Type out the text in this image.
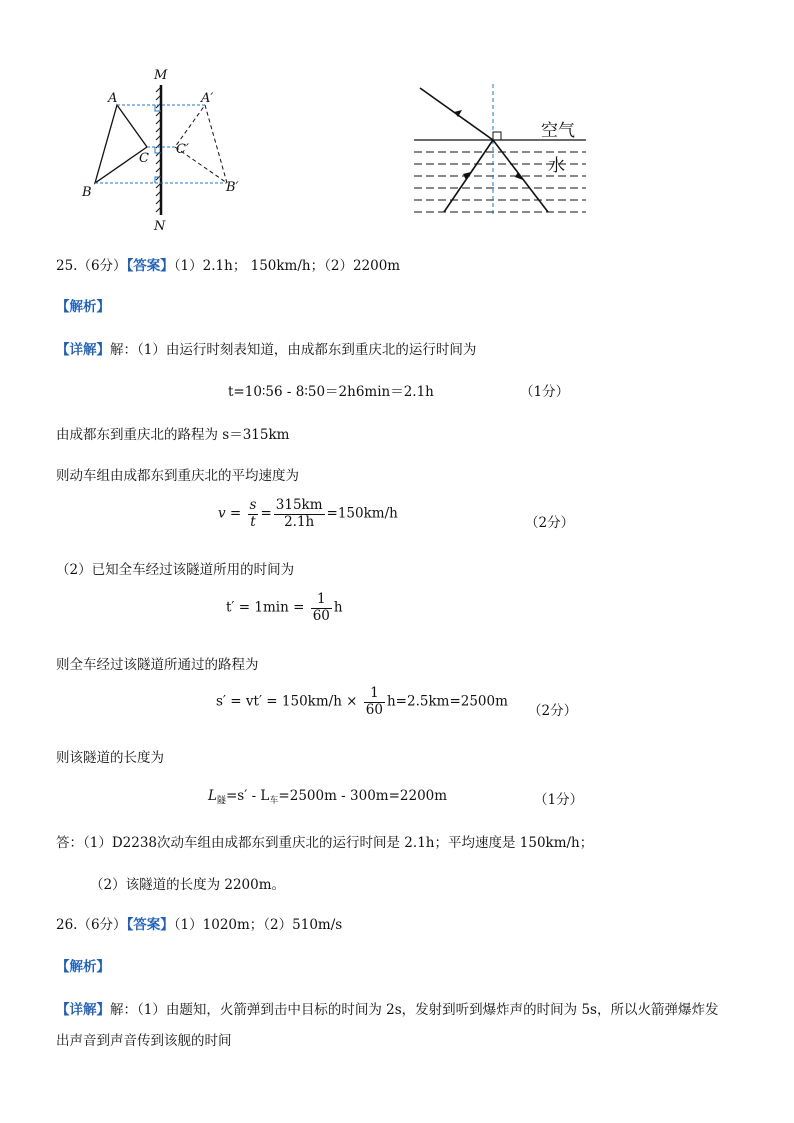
M
N
A
B
C
A′
B′
C′
空气
水
25.（6分）【答案】（1）2.1h； 150km/h；（2）2200m
【解析】
【详解】解：（1）由运行时刻表知道，由成都东到重庆北的运行时间为
t=10∶56 - 8∶50＝2h6min＝2.1h	（1分）
由成都东到重庆北的路程为 s＝315km
则动车组由成都东到重庆北的平均速度为
$v = \frac{s}{t} = \frac{315km}{2.1h} =150km/h$
（2分）
（2）已知全车经过该隧道所用的时间为
$t' = 1\min = \frac{1}{60}$ h
则全车经过该隧道所通过的路程为
$s' = vt' = 150km/h \times \frac{1}{60} h=2.5km=2500m$
（2分）
则该隧道的长度为
$L_隧=s' - L_车=2500m - 300m=2200m$	（1分）
答：（1）D2238次动车组由成都东到重庆北的运行时间是 2.1h；平均速度是 150km/h；
（2）该隧道的长度为 2200m。
26.（6分）【答案】（1）1020m；（2）510m/s
【解析】
【详解】解：（1）由题知，火箭弹到击中目标的时间为 2s，发射到听到爆炸声的时间为 5s，所以火箭弹爆炸发
出声音到声音传到该舰的时间
